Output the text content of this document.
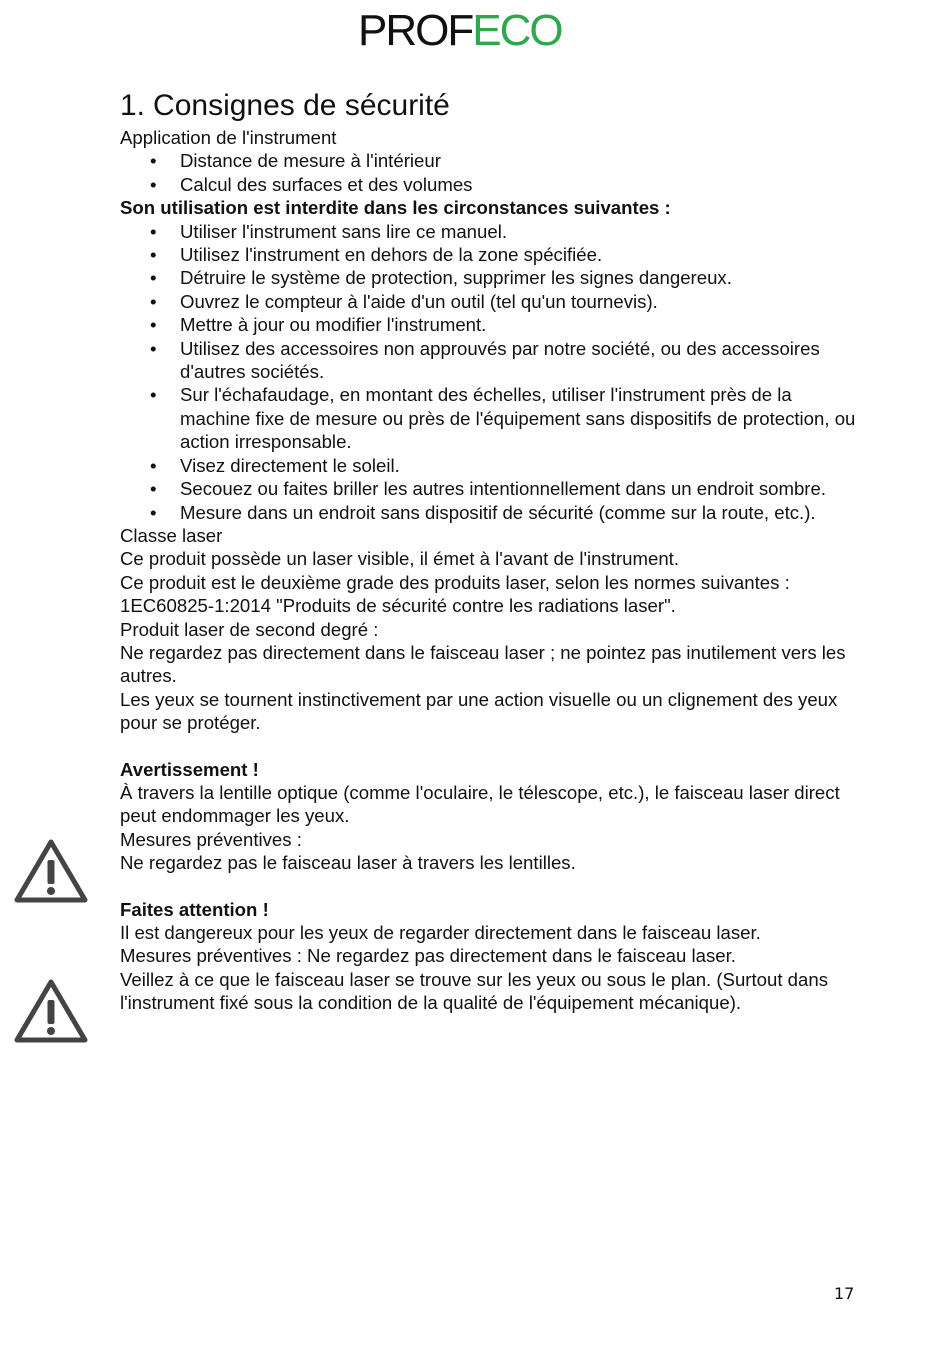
PROFECO
1. Consignes de sécurité

Application de l'instrument

• Distance de mesure à l'intérieur
• Calcul des surfaces et des volumes

Son utilisation est interdite dans les circonstances suivantes :

• Utiliser l'instrument sans lire ce manuel.
• Utilisez l'instrument en dehors de la zone spécifiée.
• Détruire le système de protection, supprimer les signes dangereux.
• Ouvrez le compteur à l'aide d'un outil (tel qu'un tournevis).
• Mettre à jour ou modifier l'instrument.
• Utilisez des accessoires non approuvés par notre société, ou des accessoires d'autres sociétés.
• Sur l'échafaudage, en montant des échelles, utiliser l'instrument près de la machine fixe de mesure ou près de l'équipement sans dispositifs de protection, ou action irresponsable.
• Visez directement le soleil.
• Secouez ou faites briller les autres intentionnellement dans un endroit sombre.
• Mesure dans un endroit sans dispositif de sécurité (comme sur la route, etc.).

Classe laser

Ce produit possède un laser visible, il émet à l'avant de l'instrument.

Ce produit est le deuxième grade des produits laser, selon les normes suivantes : 1EC60825-1:2014 "Produits de sécurité contre les radiations laser".

Produit laser de second degré :

Ne regardez pas directement dans le faisceau laser ; ne pointez pas inutilement vers les autres.

Les yeux se tournent instinctivement par une action visuelle ou un clignement des yeux pour se protéger.

Avertissement !

À travers la lentille optique (comme l'oculaire, le télescope, etc.), le faisceau laser direct peut endommager les yeux.

Mesures préventives :

Ne regardez pas le faisceau laser à travers les lentilles.

Faites attention !

Il est dangereux pour les yeux de regarder directement dans le faisceau laser.

Mesures préventives : Ne regardez pas directement dans le faisceau laser.

Veillez à ce que le faisceau laser se trouve sur les yeux ou sous le plan. (Surtout dans l'instrument fixé sous la condition de la qualité de l'équipement mécanique).

17
